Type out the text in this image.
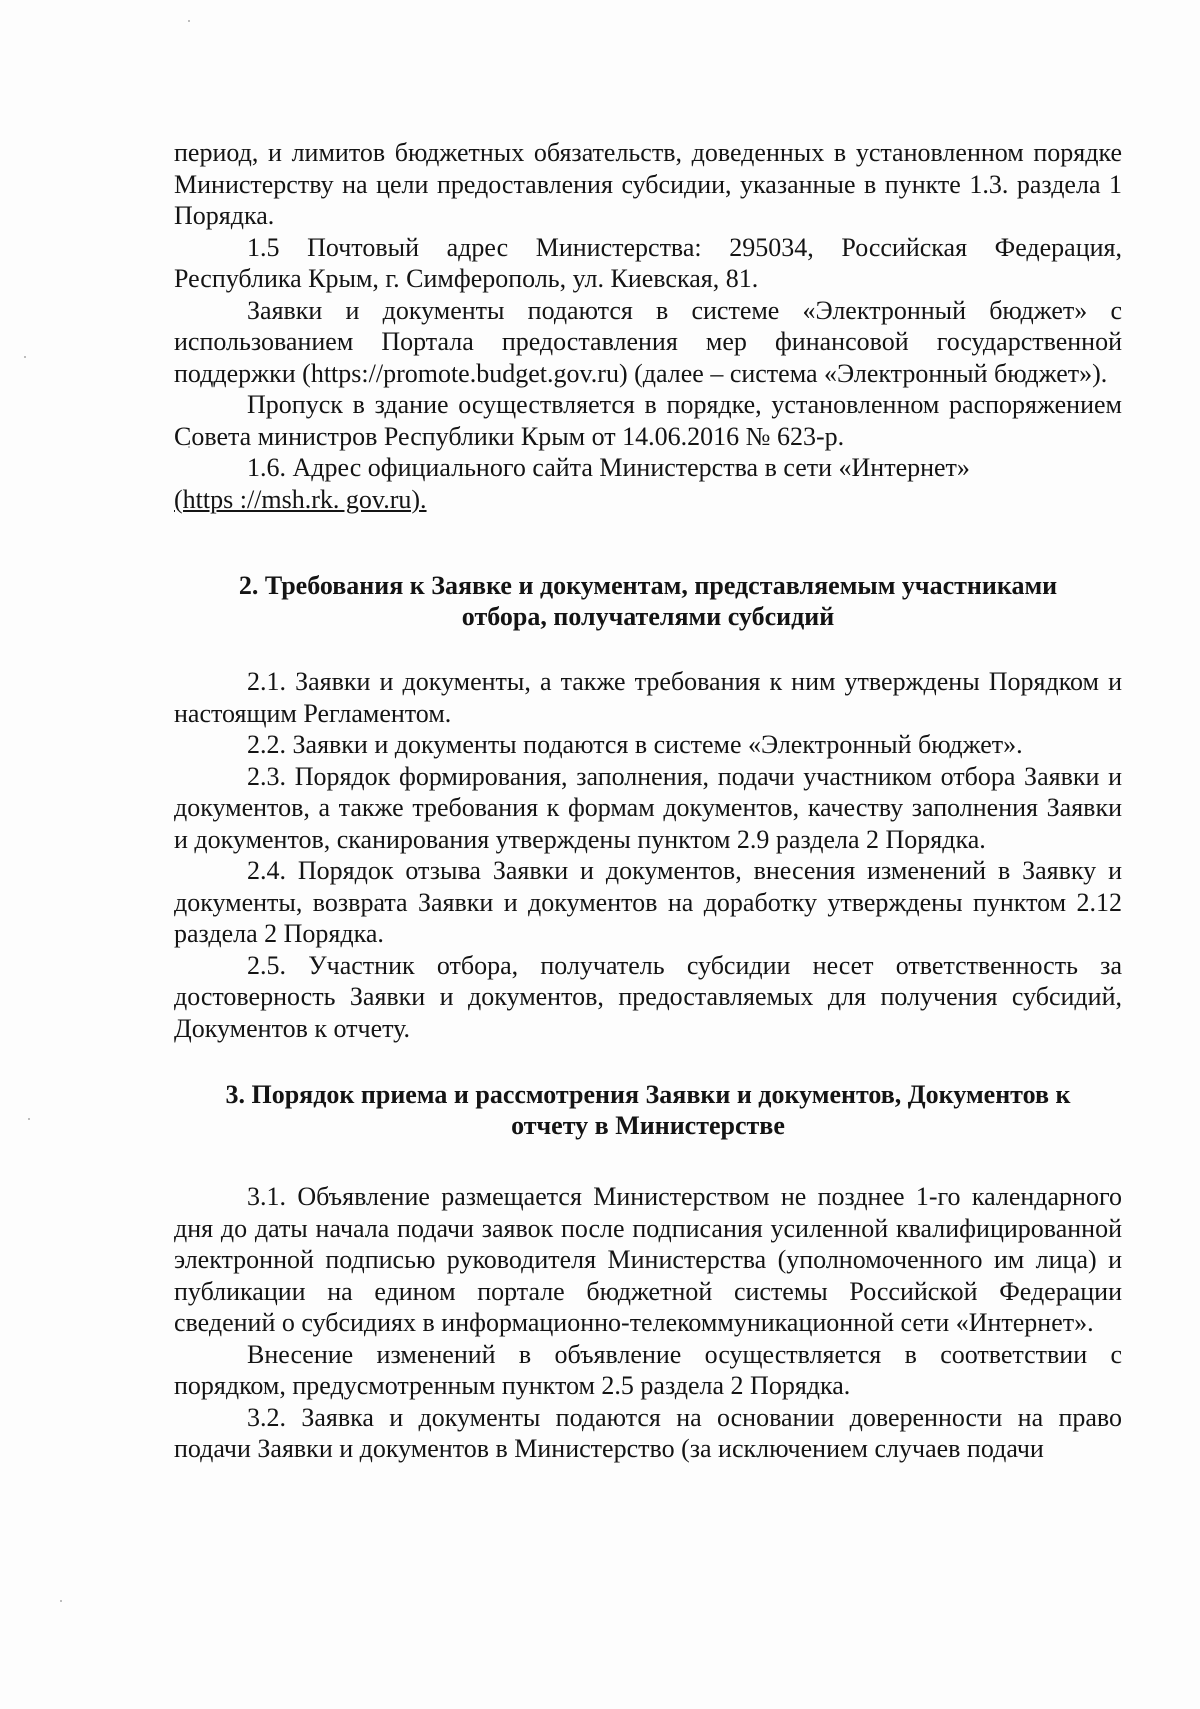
период, и лимитов бюджетных обязательств, доведенных в установленном порядке Министерству на цели предоставления субсидии, указанные в пункте 1.3. раздела 1 Порядка.

1.5 Почтовый адрес Министерства: 295034, Российская Федерация, Республика Крым, г. Симферополь, ул. Киевская, 81.

Заявки и документы подаются в системе «Электронный бюджет» с использованием Портала предоставления мер финансовой государственной поддержки (https://promote.budget.gov.ru) (далее – система «Электронный бюджет»).

Пропуск в здание осуществляется в порядке, установленном распоряжением Совета министров Республики Крым от 14.06.2016 № 623-р.

1.6. Адрес официального сайта Министерства в сети «Интернет»

(https ://msh.rk. gov.ru).

2. Требования к Заявке и документам, представляемым участниками
отбора, получателями субсидий

2.1. Заявки и документы, а также требования к ним утверждены Порядком и настоящим Регламентом.

2.2. Заявки и документы подаются в системе «Электронный бюджет».

2.3. Порядок формирования, заполнения, подачи участником отбора Заявки и документов, а также требования к формам документов, качеству заполнения Заявки и документов, сканирования утверждены пунктом 2.9 раздела 2 Порядка.

2.4. Порядок отзыва Заявки и документов, внесения изменений в Заявку и документы, возврата Заявки и документов на доработку утверждены пунктом 2.12 раздела 2 Порядка.

2.5. Участник отбора, получатель субсидии несет ответственность за достоверность Заявки и документов, предоставляемых для получения субсидий, Документов к отчету.

3. Порядок приема и рассмотрения Заявки и документов, Документов к
отчету в Министерстве

3.1. Объявление размещается Министерством не позднее 1-го календарного дня до даты начала подачи заявок после подписания усиленной квалифицированной электронной подписью руководителя Министерства (уполномоченного им лица) и публикации на едином портале бюджетной системы Российской Федерации сведений о субсидиях в информационно-телекоммуникационной сети «Интернет».

Внесение изменений в объявление осуществляется в соответствии с порядком, предусмотренным пунктом 2.5 раздела 2 Порядка.

3.2. Заявка и документы подаются на основании доверенности на право подачи Заявки и документов в Министерство (за исключением случаев подачи
